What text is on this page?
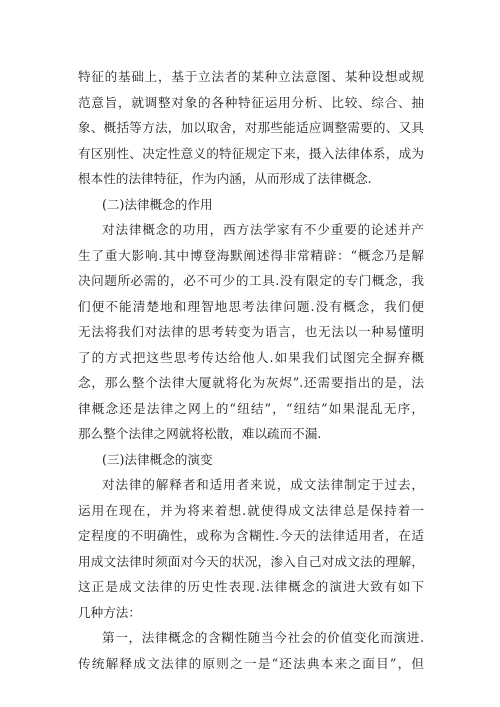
特征的基础上，基于立法者的某种立法意图、某种设想或规
范意旨，就调整对象的各种特征运用分析、比较、综合、抽
象、概括等方法，加以取舍，对那些能适应调整需要的、又具
有区别性、决定性意义的特征规定下来，摄入法律体系，成为
根本性的法律特征，作为内涵，从而形成了法律概念.
(二)法律概念的作用
对法律概念的功用，西方法学家有不少重要的论述并产
生了重大影响.其中博登海默阐述得非常精辟：“概念乃是解
决问题所必需的，必不可少的工具.没有限定的专门概念，我
们便不能清楚地和理智地思考法律问题.没有概念，我们便
无法将我们对法律的思考转变为语言，也无法以一种易懂明
了的方式把这些思考传达给他人.如果我们试图完全摒弃概
念，那么整个法律大厦就将化为灰烬”.还需要指出的是，法
律概念还是法律之网上的“纽结”，“纽结”如果混乱无序，
那么整个法律之网就将松散，难以疏而不漏.
(三)法律概念的演变
对法律的解释者和适用者来说，成文法律制定于过去，
运用在现在，并为将来着想.就使得成文法律总是保持着一
定程度的不明确性，或称为含糊性.今天的法律适用者，在适
用成文法律时须面对今天的状况，渗入自己对成文法的理解，
这正是成文法律的历史性表现.法律概念的演进大致有如下
几种方法：
第一，法律概念的含糊性随当今社会的价值变化而演进.
传统解释成文法律的原则之一是“还法典本来之面目”，但
